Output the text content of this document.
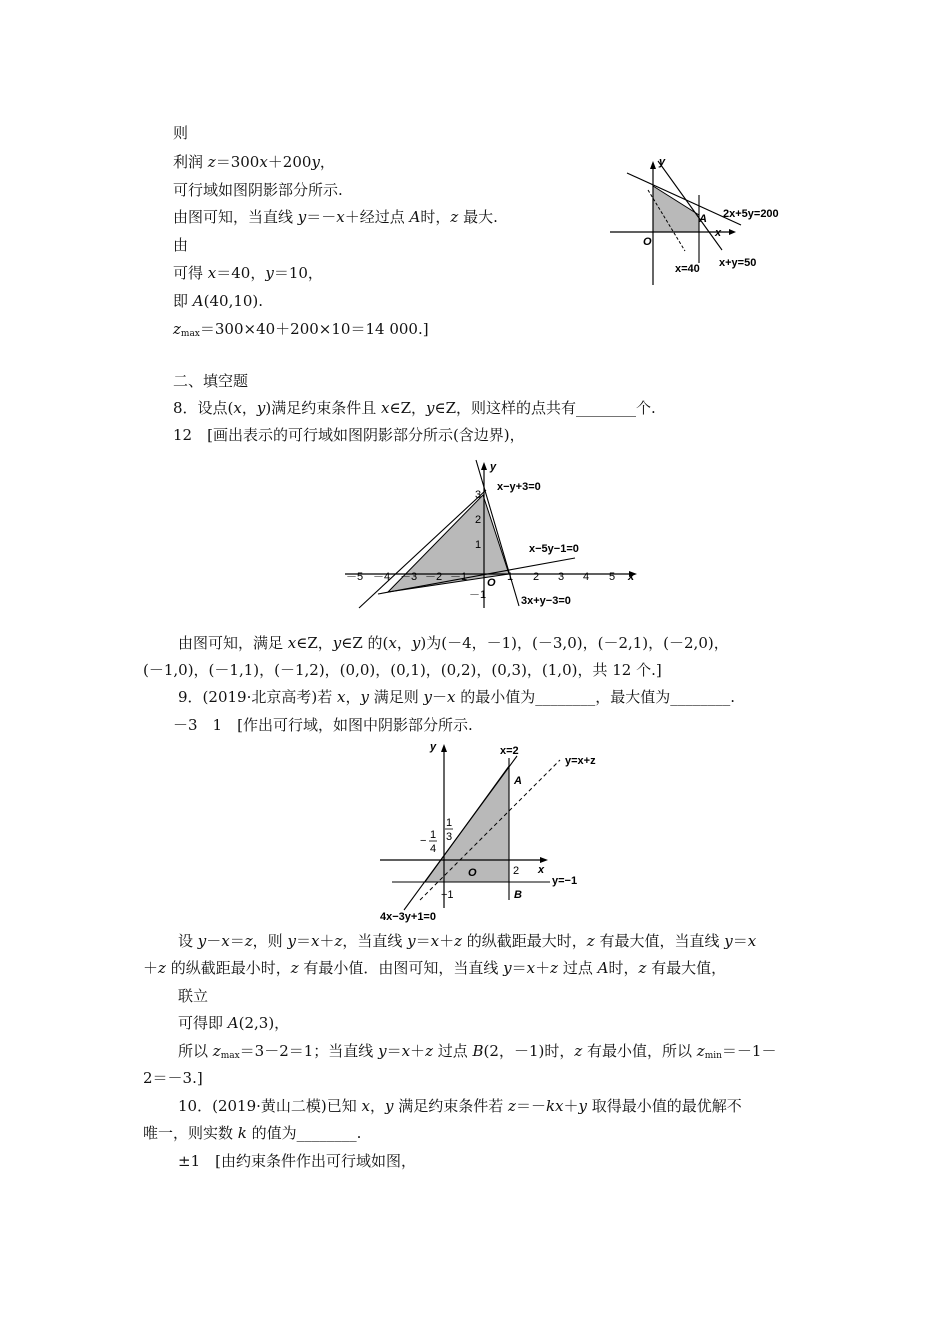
则
利润 z＝300x＋200y，
可行域如图阴影部分所示.
由图可知，当直线 y＝－x＋经过点 A时，z 最大.
由
可得 x＝40，y＝10，
即 A(40,10).
$z_{max}=300\times 40+200\times 10=14$ 000.]
y
x
O
A 2x+5y=200
x=40 x+y=50
二、填空题
8．设点(x，y)满足约束条件且 x∈Z，y∈Z，则这样的点共有________个.
12　[画出表示的可行域如图阴影部分所示(含边界)，
－5 －4 －3 －2 －1	1 2 3 4 5
3
2
1
－1
O	x
y
x−y+3=0
x−5y−1=0
3x+y−3=0
由图可知，满足 x∈Z，y∈Z 的(x，y)为(－4，－1)，(－3,0)，(－2,1)，(－2,0)，
(－1,0)，(－1,1)，(－1,2)，(0,0)，(0,1)，(0,2)，(0,3)，(1,0)，共 12 个.]
9．(2019·北京高考)若 x，y 满足则 y－x 的最小值为________，最大值为________.
－3　1　[作出可行域，如图中阴影部分所示.
y
x
O
A
B
x=2
y=x+z
y=−1
− 1
4
1
3
2
−1
4x−3y+1=0
设 y－x＝z，则 y＝x＋z，当直线 y＝x＋z 的纵截距最大时，z 有最大值，当直线 y＝x
＋z 的纵截距最小时，z 有最小值．由图可知，当直线 y＝x＋z 过点 A时，z 有最大值，
联立
可得即 A(2,3)，
所以 $z_{max}=3-2=1$；当直线 y＝x＋z 过点 B(2，－1)时，z 有最小值，所以 $z_{min}=-1-$
2＝－3.]
10．(2019·黄山二模)已知 x，y 满足约束条件若 z＝－kx＋y 取得最小值的最优解不
唯一，则实数 k 的值为________.
±1　[由约束条件作出可行域如图，
